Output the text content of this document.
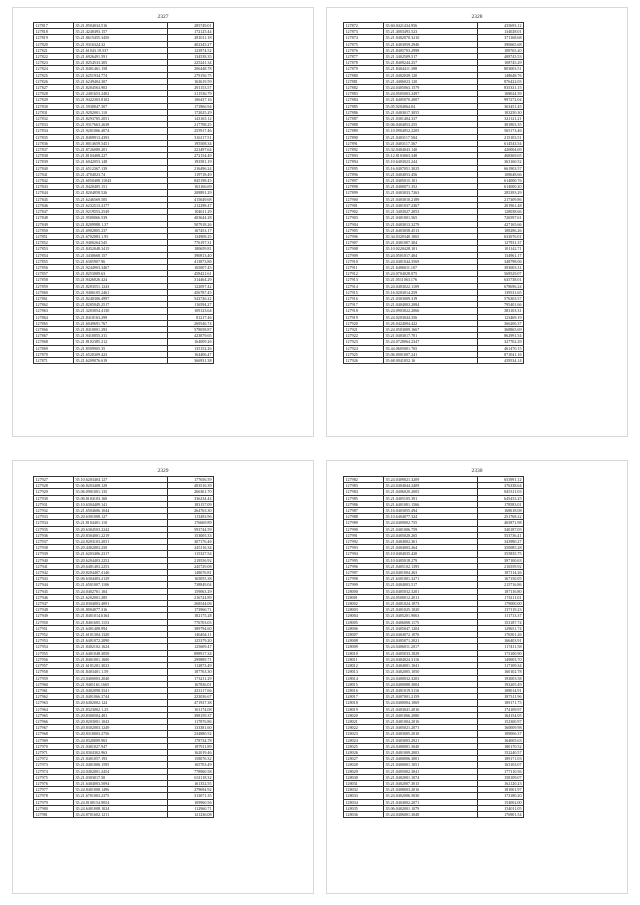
2327
127817	35.21.8504034.516	285749.01
127818	35.21.4240493.157	172125.44
127819	35.21.8615455.3450	281011.18
127820	35.21.9316324.32	402345.27
127821	35.21.61043.19.537	123974.52
127822	35.21.6926491.591	134538.35
127823	35.21.8254533.305	225241.34
127824	35.21.8401461.158	206448.78
127825	35.21.6251934.774	279156.75
127826	35.21.6249404.307	163619.59
127827	35.21.8204563.903	291153.57
127828	35.21.2401653.2402	311536.79
127829	35.21.9422303.8102	106437.16
127830	35.21.5930047.307	171866.94
127831	35.21.9292001.110	172025.29
127832	35.21.8293785.2051	143165.12
127833	35.21.9317663.2638	217708.25
127834	35.21.9201066.4074	255917.46
127835	35.21.8409913.4393	316117.51
127836	35.21.8014659.5451	195508.34
127837	35.21.8726080.201	221497.64
127838	35.21.8104408.227	272154.49
127839	35.21.6042053.148	193581.19
127840	35.21.6512367.139	216496.24
127841	35.21.4704023.74	119718.49
127842	35.21.6050408.11043	845198.45
127843	35.21.8420405.151	163166.69
127844	35.21.8204858.526	208891.29
127845	35.21.6246569.505	415649.68
127846	35.21.6232513.4177	212298.47
127847	35.21.9219553.2549	104611.29
127848	35.21.9500066.539	403644.28
127849	35.21.8209988.1.37	507918.26
127850	35.21.6902805.237	167453.17
127851	35.21.6702083.1.95	134908.25
127852	35.21.9400264.545	776197.31
127853	35.21.8452048.3415	180659.81
127854	35.21.3430668.157	390813.40
127855	35.21.6305907.96	413873.86
127856	35.21.9244903.3467	165007.45
127857	35.21.8253009.63	458421.61
127858	35.21.9426026.424	314464.29
127859	35.21.8203551.1243	122097.42
127860	35.21.9406105.2461	456787.45
127861	35.21.8240306.4997	543726.22
127862	35.21.8205045.2517	116594.27
127863	35.21.3203054.4130	109123.64
127864	35.21.8410163.299	81217.46
127865	35.21.6049691.767	269546.74
127866	35.21.8410001.293	578058.87
127867	35.21.9410055.311	423879.65
127868	35.21.8102385.212	164009.26
127869	35.21.8509905.35	135152.26
127870	35.21.6520309.423	164406.47
127871	35.21.6209076.619	366931.38
2328
127872	35.60.0421434.956	435693.12
127873	35.21.4003493.523	134028.01
127874	35.21.9402070.3210	371168.68
127875	35.21.6403059.2946	390665.68
127876	35.21.8405703.2998	108765.20
127877	35.21.3402509.517	408743.53
127878	35.21.8409244.257	108745.29
127879	35.21.8404411.398	803003.51
127880	35.21.0402039.120	148648.76
127881	35.21.4406023.120	876422.03
127882	35.24.0405063.1579	835331.15
127883	35.24.0505003.2497	168024.59
127884	35.21.6405070.2007	997272.04
127885	35.05.9204064.04	363451.45
127886	35.21.0403017.3055	103250.30
127887	35.21.0301404.337	321121.21
127888	35.06.0404053.255	381803.35
127889	35.10.0904052.2205	565173.46
127890	35.21.0403117.504	215103.51
127891	35.21.0403117.367	614543.54
127892	35.32.0404043.140	420004.69
127893	35.12.8103063.348	468369.65
127894	35.10.6403023.244	363160.52
127895	35.16.0407051.3025	661903.57
127896	35.21.0404053.456	108648.66
127897	35.21.0405015.101	614000.76
127898	35.21.0400071.352	614000.20
127899	35.21.0403033.7263	285393.29
127900	35.21.0403010.2189	217309.86
127901	35.21.0401037.2367	201961.48
127902	35.21.3403027.2053	128038.66
127903	35.21.0401001.565	726597.61
127904	35.21.0403013.3279	427165.66
127905	35.21.6403058.4513	108286.26
127906	35.34.0320340.1065	633076.01
127907	35.21.0401007.304	127931.37
127908	35.10.0220428.101	101142.71
127909	35.24.0501017.404	134961.17
127910	35.24.0401044.3569	348798.06
127911	35.21.6406011.107	393003.31
127912	35.24.0704028.075	568529.07
127913	35.21.0511063.176	635738.01
127914	35.24.0403022.1109	678696.24
127915	35.16.0203014.259	139531.65
127916	35.21.0303009.319	576303.57
127917	35.21.0404003.2084	795401.66
127918	35.24.0903022.2066	383103.31
127919	35.24.0203044.356	123469.19
127920	35.26.0424004.422	366206.37
127921	35.24.0503009.1667	368865.69
127922	35.21.0403017.701	862991.54
127923	35.24.0728064.2347	327702.29
127924	35.44.0605001.765	461470.15
127925	35.06.0001007.241	871041.16
127926	35.68.0041052.16	439534.14
2329
127927	35.10.6203404.127	177656.59
127928	35.06.8203408.129	403516.39
127929	35.06.0901001.135	266361.70
127930	35.06.8104103.160	336234.44
127931	35.10.6304409.141	183157.09
127932	35.21.6504606.1044	264763.30
127933	35.20.6301008.127	113493.96
127934	35.21.8104401.110	176669.89
127935	35.20.6304503.2242	593744.59
127936	35.20.8304001.2219	153005.33
127937	35.24.8203103.2051	307176.46
127938	35.20.4402003.250	245116.34
127939	35.21.6203406.2317	115327.54
127940	35.20.6204403.2252	219556.92
127941	35.20.6401403.2253	245729.08
127942	35.20.8204407.4146	148676.81
127943	35.06.6304403.2129	165055.38
127944	35.21.6501007.1106	738849.04
127945	35.24.0402761.104	159063.29
127946	35.21.6202001.285	216724.89
127947	35.24.8304003.4091	268544.06
127948	35.01.8004077.316	173960.71
127949	35.21.8401014.6164	182175.28
127950	35.21.8401605.1153	776703.03
127951	35.21.6401408.994	389794.60
127952	35.21.6101304.1320	146464.11
127953	35.21.6401072.2090	125379.20
127954	35.21.8402102.1624	125609.47
127955	35.21.6401048.3050	898917.34
127956	35.21.8401001.1600	299889.71
127957	35.21.6101201.3023	112873.49
127958	35.01.8403401.1.59	187763.30
127959	35.23.0400003.2040	173211.29
127960	35.21.9401161.1665	167836.01
127961	35.21.0402098.3541	433117.66
127962	35.21.0401066.3744	223036.67
127963	35.20.6402002.124	471937.38
127964	35.21.8323002.1.25	161174.08
127965	35.20.8300504.481	398159.37
127966	35.20.8203001.1043	117876.86
127967	35.20.8302003.1249	133381.60
127968	35.20.8310003.2756	234880.52
127969	35.24.8320009.963	178734.78
127970	35.21.0401027.947	187911.89
127971	35.24.8304302.963	162019.46
127972	35.21.8401057.193	158076.32
127973	35.21.0401006.1595	165703.49
127974	35.24.0402001.2454	778960.58
127975	35.21.0303017.50	631118.32
127976	35.21.6404003.5094	161352.55
127977	35.24.8401008.1496	279694.92
127978	35.21.6701003.2375	313071.35
127979	35.24.8100154.9054	109960.56
127980	35.24.6401008.1024	112960.71
127981	35.24.8701602.1211	121236.08
2330
127982	35.24.0409021.3209	653991.12
127983	35.24.0404044.2409	376338.64
127984	35.21.0406020.2005	845311.03
127985	35.21.0405105.391	645433.25
127986	35.21.6401001.1566	178583.01
127987	35.16.0403055.494	168618.08
127988	35.10.6404077.324	251768.22
127989	35.24.0409002.755	465871.98
127990	35.21.0401006.759	340187.05
127991	35.24.0405020.265	553736.41
127992	35.21.0404002.361	343980.27
127993	35.21.0404003.264	350085.28
127994	35.10.0404035.420	355835.75
127995	35.10.0405018.279	397100.63
127996	35.21.0405102.1395	216559.92
127997	35.24.0401004.263	187114.26
127998	35.21.6301001.3271	167150.05
127999	35.21.0404003.517	215716.86
128000	35.24.0405032.3201	187116.80
128001	35.24.0500012.2011	174111.01
128002	35.21.0401024.1073	179000.00
128003	35.21.0401025.1020	137119.23
128004	35.21.0405201.9063	111713.37
128005	35.21.0406008.1175	153187.74
128006	35.21.0405047.1204	129651.74
128007	35.24.0404072.1076	176501.26
128008	35.24.0405071.2021	166403.91
128009	35.24.0406011.2017	117411.58
128010	35.21.0405033.1029	173100.90
128011	35.24.0404024.3116	149003.70
128012	35.21.0404001.1041	117109.34
128013	35.21.0402005.1050	160102.78
128014	35.24.0400032.3203	193003.58
128015	35.24.0400088.3004	193205.49
128016	35.21.0401019.3116	108014.91
128017	35.21.0407001.2159	187311.96
128018	35.24.0400004.1069	189171.75
128019	35.21.0403041.2016	174109.97
128020	35.21.0401066.2080	164154.05
128021	35.21.0401004.2016	152300.97
128022	35.21.0405021.2071	160009.98
128023	35.21.0403005.2010	189006.37
128024	35.21.0403003.2021	164005.63
128025	35.24.0400001.3040	180170.52
128026	35.21.0401009.2003	152240.57
128027	35.21.0400006.3001	189171.03
128028	35.21.0400001.1051	163103.07
128029	35.21.0405002.3041	177110.56
128030	35.21.0402001.1074	158109.07
128031	35.21.0402007.3015	162120.23
128032	35.21.0408003.2016	181001.97
128033	35.24.0402006.5030	173180.20
128034	35.21.0404002.2071	154002.00
128035	35.06.0402001.1079	154011.05
128036	35.24.0406001.3048	176901.54
